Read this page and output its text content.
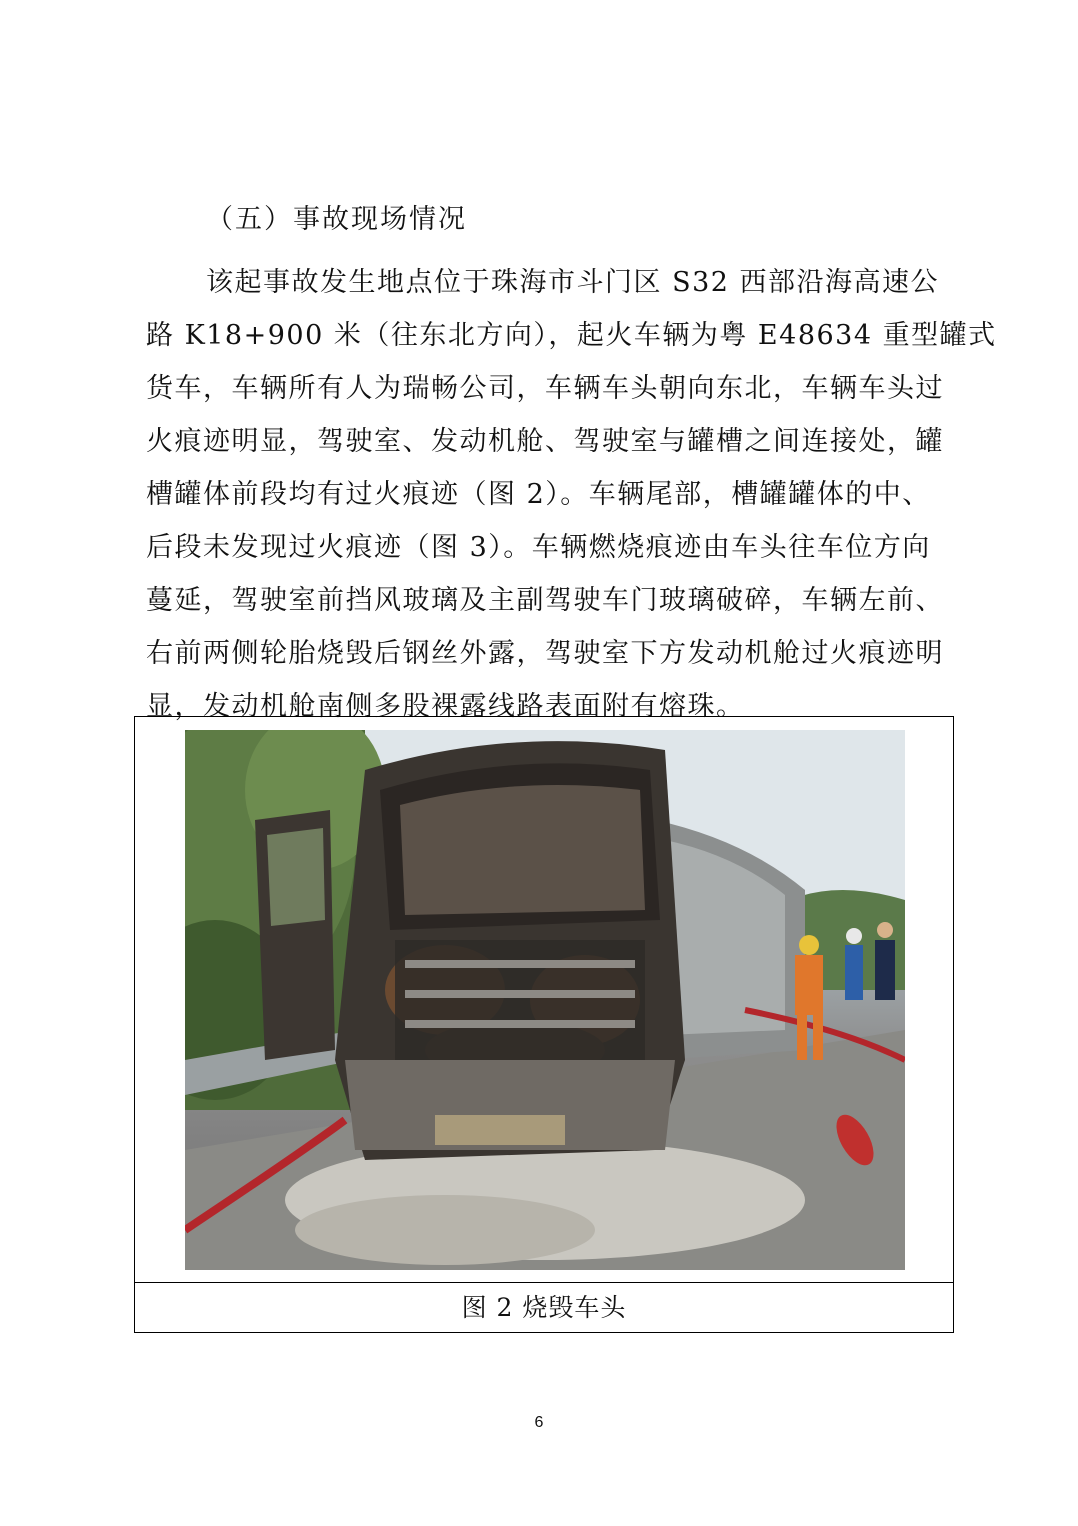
（五）事故现场情况
该起事故发生地点位于珠海市斗门区 S32 西部沿海高速公
路 K18+900 米（往东北方向），起火车辆为粤 E48634 重型罐式
货车，车辆所有人为瑞畅公司，车辆车头朝向东北，车辆车头过
火痕迹明显，驾驶室、发动机舱、驾驶室与罐槽之间连接处，罐
槽罐体前段均有过火痕迹（图 2）。车辆尾部，槽罐罐体的中、
后段未发现过火痕迹（图 3）。车辆燃烧痕迹由车头往车位方向
蔓延，驾驶室前挡风玻璃及主副驾驶车门玻璃破碎，车辆左前、
右前两侧轮胎烧毁后钢丝外露，驾驶室下方发动机舱过火痕迹明
显，发动机舱南侧多股裸露线路表面附有熔珠。
图 2 烧毁车头
6
